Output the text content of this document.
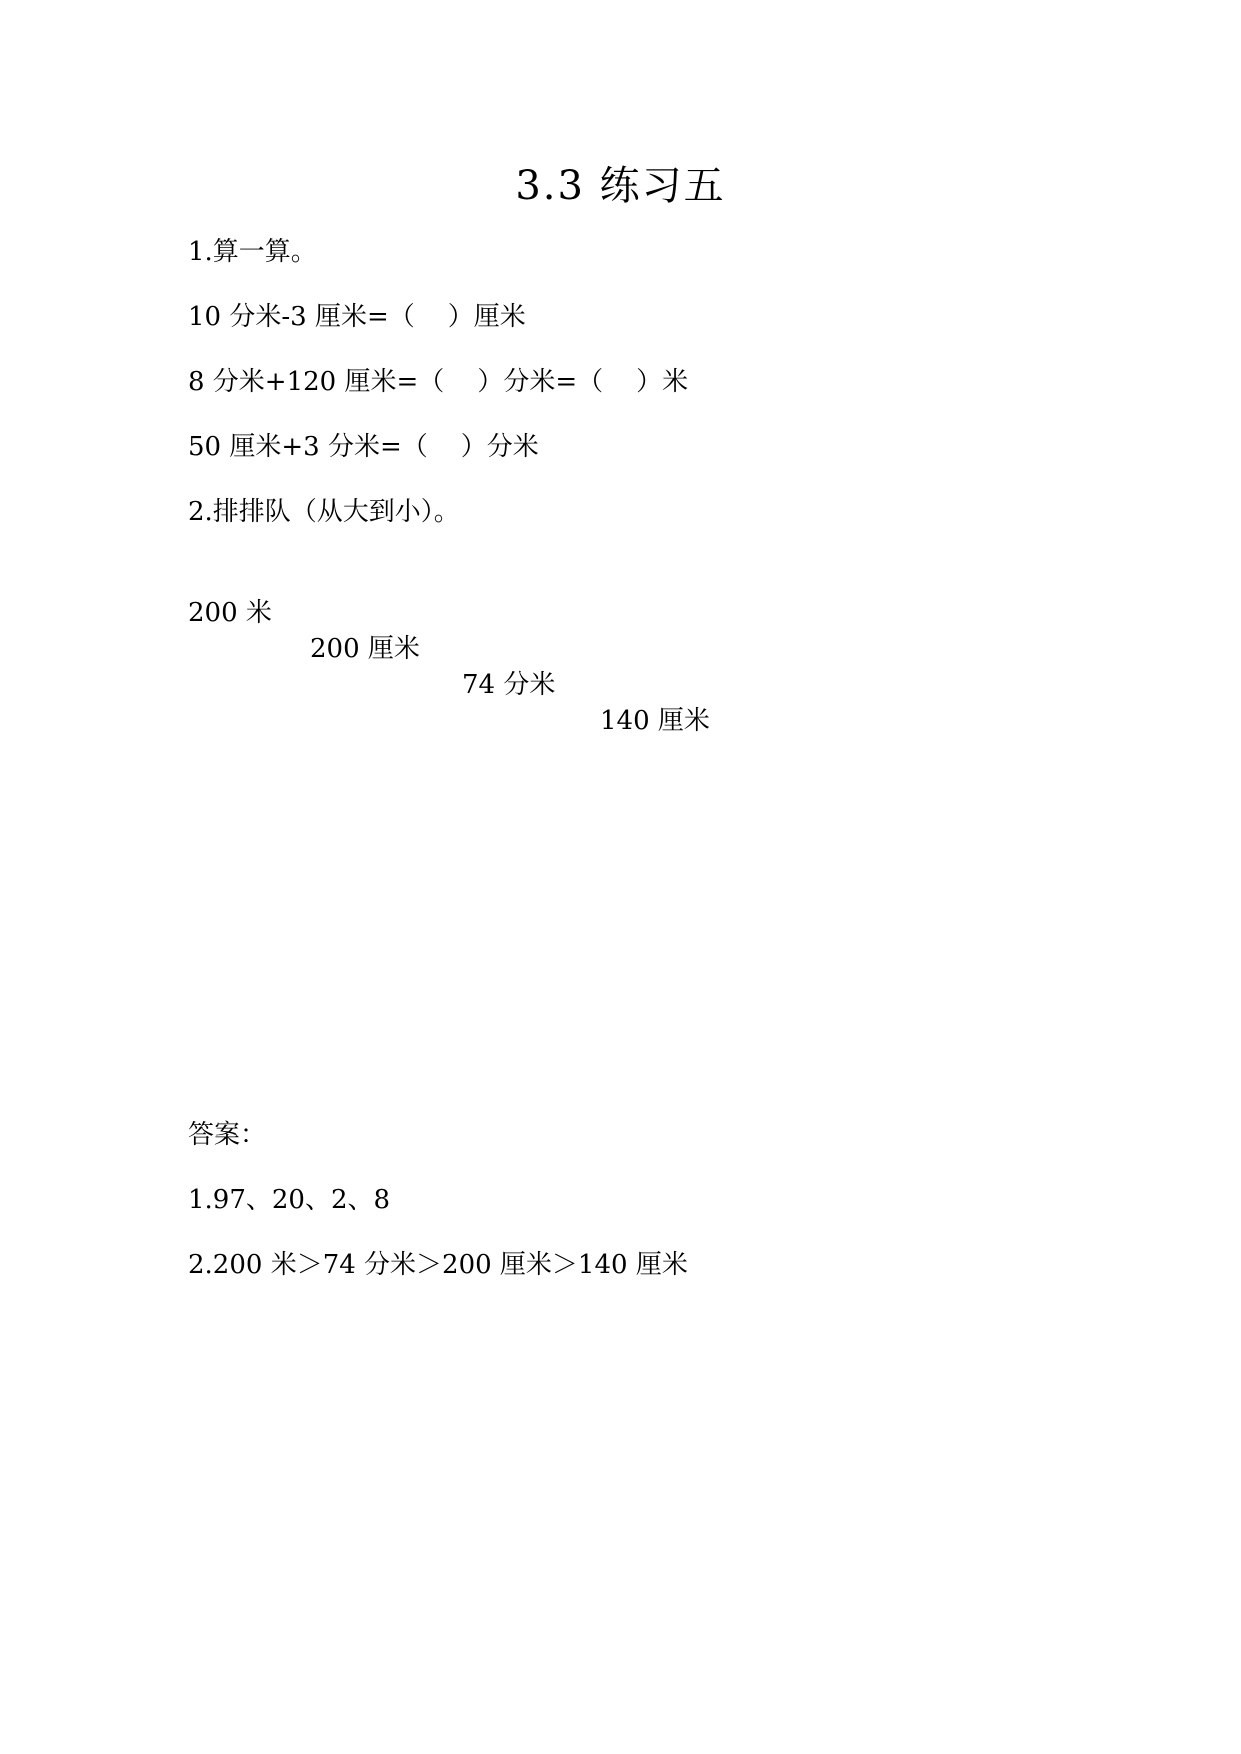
3.3 练习五
1.算一算。
10 分米-3 厘米=（    ）厘米
8 分米+120 厘米=（    ）分米=（    ）米
50 厘米+3 分米=（    ）分米
2.排排队（从大到小）。

200 米

200 厘米

74 分米

140 厘米

答案：
1.97、20、2、8
2.200 米＞74 分米＞200 厘米＞140 厘米
